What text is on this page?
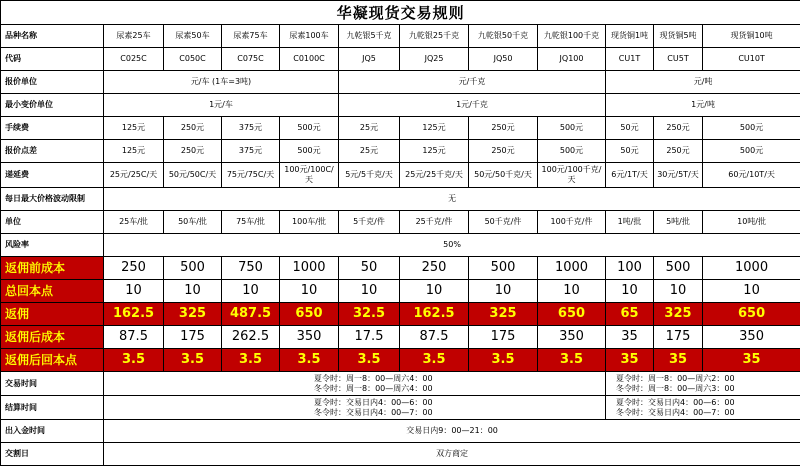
华凝现货交易规则											
品种名称	尿素25车	尿素50车	尿素75车	尿素100车	九乾银5千克	九乾银25千克	九乾银50千克	九乾银100千克	现货铜1吨	现货铜5吨	现货铜10吨
代码	C025C	C050C	C075C	C0100C	JQ5	JQ25	JQ50	JQ100	CU1T	CU5T	CU10T
报价单位	元/车 (1车=3吨)				元/千克				元/吨		
最小变价单位	1元/车				1元/千克				1元/吨		
手续费	125元	250元	375元	500元	25元	125元	250元	500元	50元	250元	500元
报价点差	125元	250元	375元	500元	25元	125元	250元	500元	50元	250元	500元
递延费	25元/25C/天	50元/50C/天	75元/75C/天	100元/100C/天	5元/5千克/天	25元/25千克/天	50元/50千克/天	100元/100千克/天	6元/1T/天	30元/5T/天	60元/10T/天
每日最大价格波动限制	无										
单位	25车/批	50车/批	75车/批	100车/批	5千克/件	25千克/件	50千克/件	100千克/件	1吨/批	5吨/批	10吨/批
风险率	50%										
返佣前成本	250	500	750	1000	50	250	500	1000	100	500	1000
总回本点	10	10	10	10	10	10	10	10	10	10	10
返佣	162.5	325	487.5	650	32.5	162.5	325	650	65	325	650
返佣后成本	87.5	175	262.5	350	17.5	87.5	175	350	35	175	350
返佣后回本点	3.5	3.5	3.5	3.5	3.5	3.5	3.5	3.5	35	35	35
交易时间	夏令时：周一8：00—周六4：00
冬令时：周一8：00—周六4：00								夏令时：周一8：00—周六2：00
冬令时：周一8：00—周六3：00		
结算时间	夏令时：交易日内4：00—6：00
冬令时：交易日内4：00—7：00								夏令时：交易日内4：00—6：00
冬令时：交易日内4：00—7：00		
出入金时间	交易日内9：00—21：00										
交割日	双方商定										
